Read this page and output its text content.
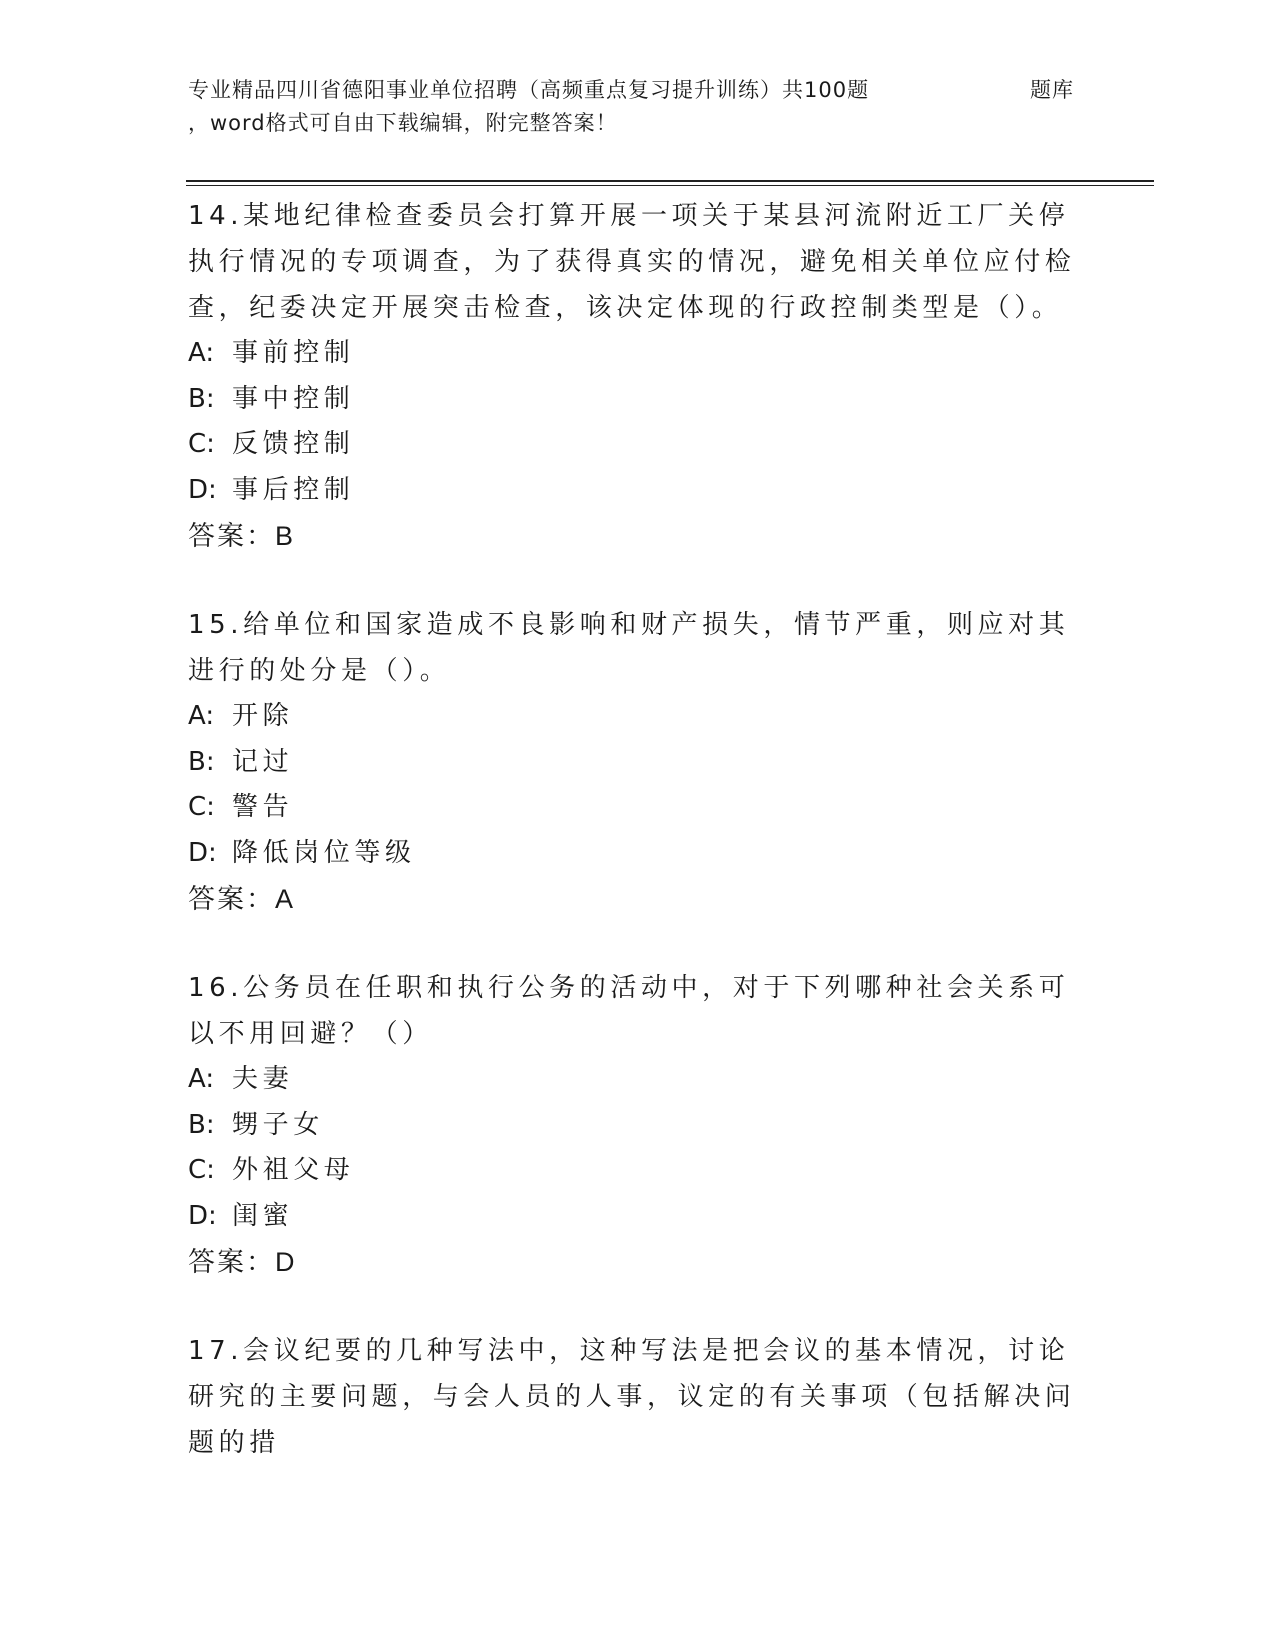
专业精品四川省德阳事业单位招聘（高频重点复习提升训练）共100题	题库
，word格式可自由下载编辑，附完整答案！
14.某地纪律检查委员会打算开展一项关于某县河流附近工厂关停执行情况的专项调查，为了获得真实的情况，避免相关单位应付检查，纪委决定开展突击检查，该决定体现的行政控制类型是（）。
A: 事前控制
B: 事中控制
C: 反馈控制
D: 事后控制
答案：B
15.给单位和国家造成不良影响和财产损失，情节严重，则应对其进行的处分是（）。
A: 开除
B: 记过
C: 警告
D: 降低岗位等级
答案：A
16.公务员在任职和执行公务的活动中，对于下列哪种社会关系可以不用回避？（）
A: 夫妻
B: 甥子女
C: 外祖父母
D: 闺蜜
答案：D
17.会议纪要的几种写法中，这种写法是把会议的基本情况，讨论研究的主要问题，与会人员的人事，议定的有关事项（包括解决问题的措
